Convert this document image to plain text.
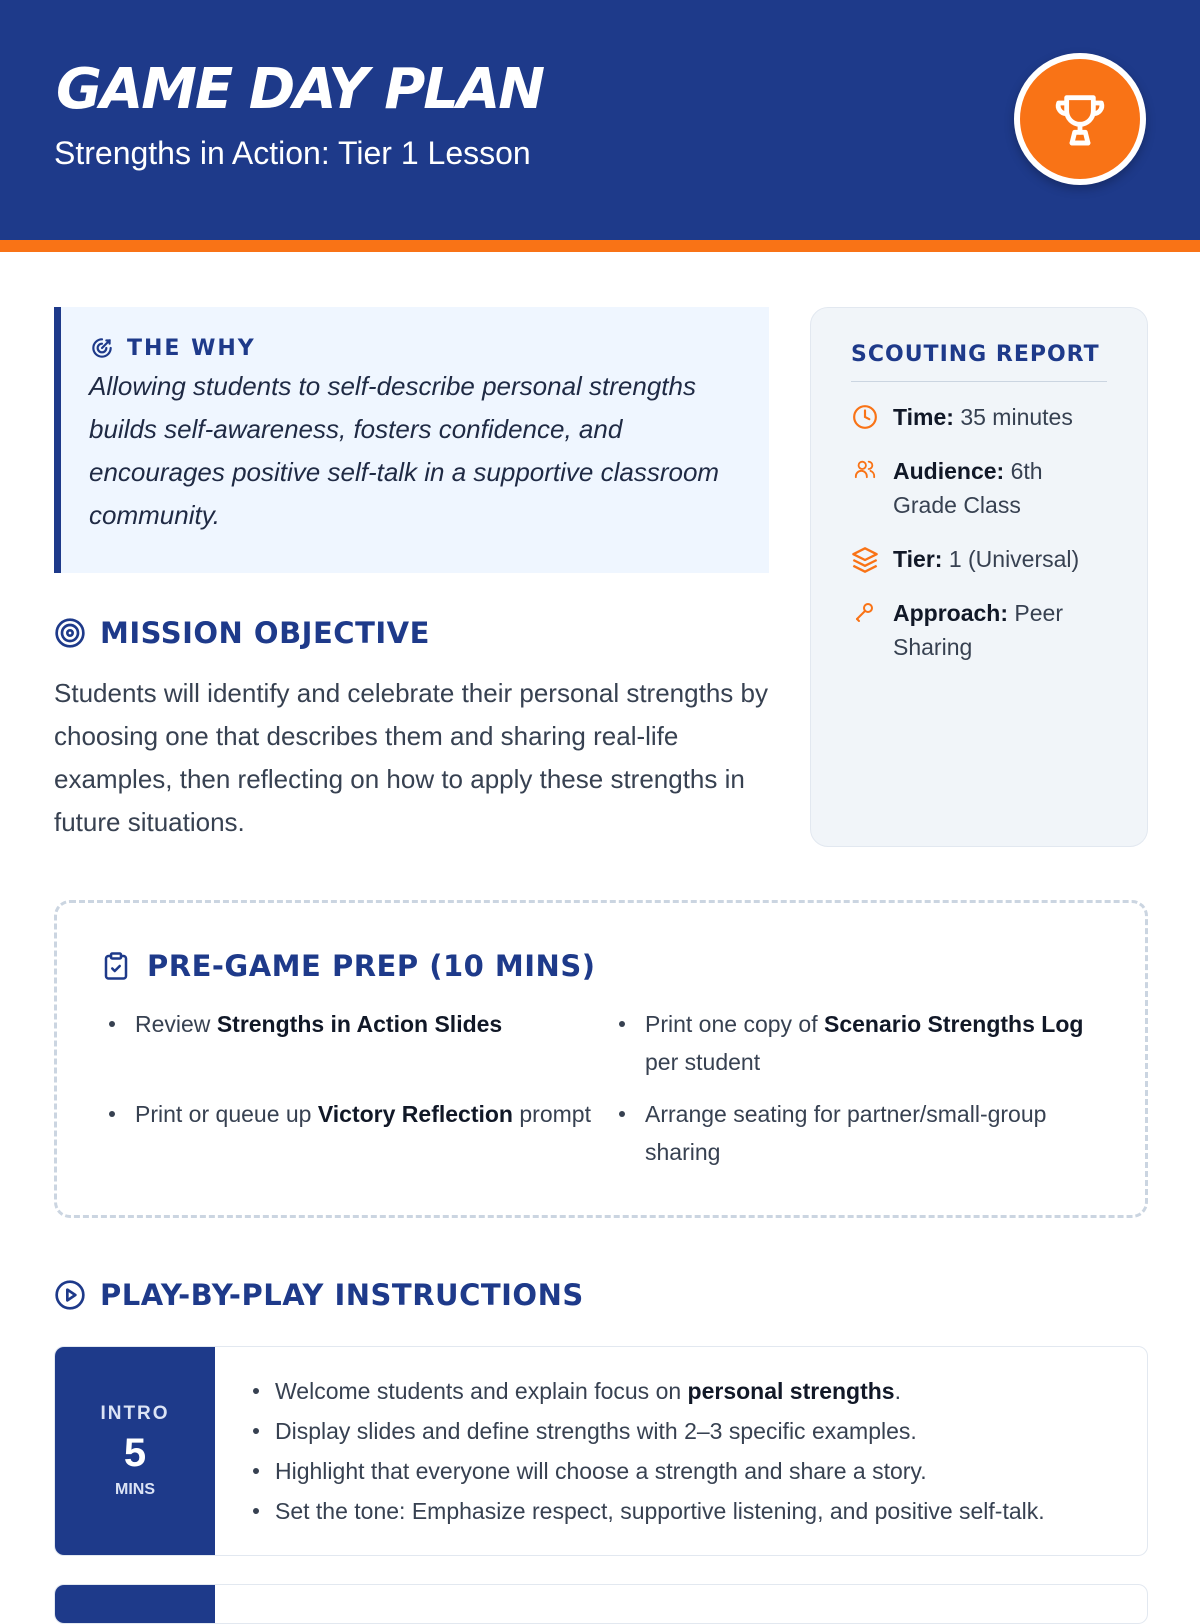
GAME DAY PLAN
Strengths in Action: Tier 1 Lesson
THE WHY

Allowing students to self-describe personal strengths builds self-awareness, fosters confidence, and encourages positive self-talk in a supportive classroom community.

MISSION OBJECTIVE

Students will identify and celebrate their personal strengths by choosing one that describes them and sharing real-life examples, then reflecting on how to apply these strengths in future situations.

SCOUTING REPORT
Time: 35 minutes
Audience: 6th Grade Class
Tier: 1 (Universal)
Approach: Peer Sharing
PRE-GAME PREP (10 MINS)
Review Strengths in Action Slides	Print one copy of Scenario Strengths Log per student
Print or queue up Victory Reflection prompt	Arrange seating for partner/small-group sharing
PLAY-BY-PLAY INSTRUCTIONS
INTRO
5
MINS
Welcome students and explain focus on personal strengths.
Display slides and define strengths with 2–3 specific examples.
Highlight that everyone will choose a strength and share a story.
Set the tone: Emphasize respect, supportive listening, and positive self-talk.
